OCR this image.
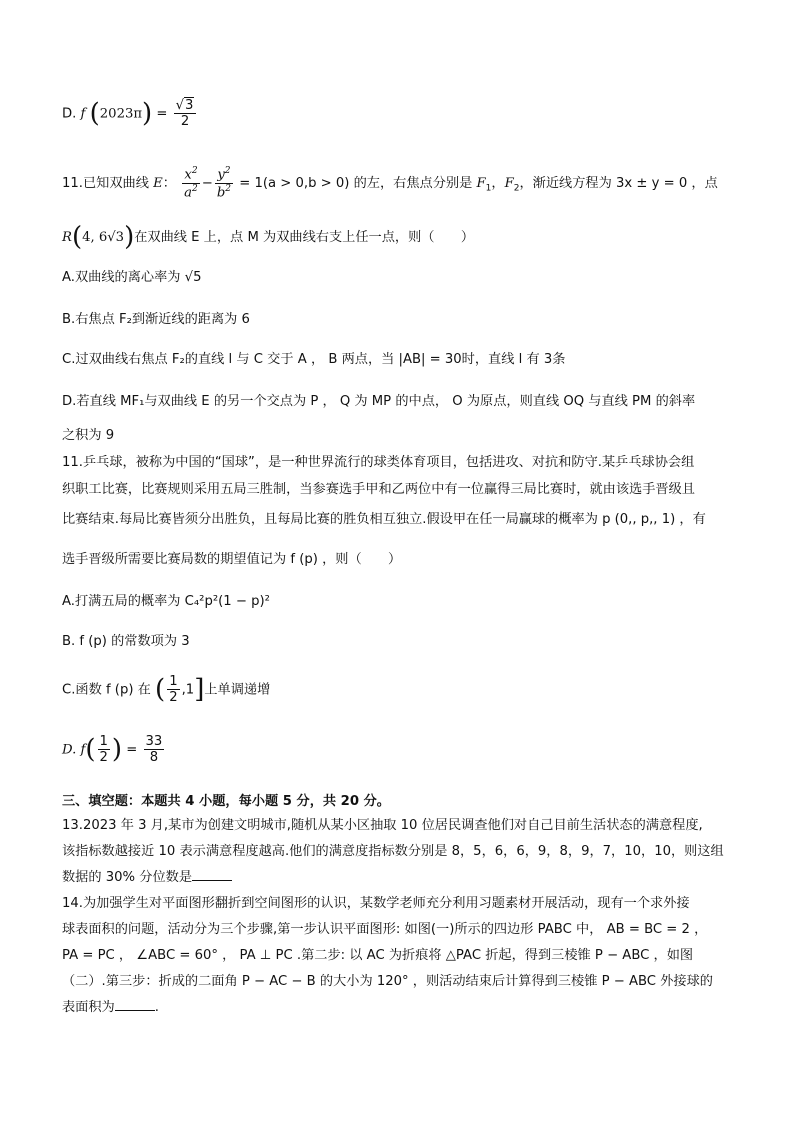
D. f $(2023\pi) = \frac{√3}{2}$
11.已知双曲线 E： $\frac{x^2}{a^2} - \frac{y^2}{b^2} = 1(a > 0,b > 0)$ 的左，右焦点分别是 $F_1$，$F_2$，渐近线方程为 3x ± y = 0 ，点
R(4, 6√3)在双曲线 E 上，点 M 为双曲线右支上任一点，则（　　）
A.双曲线的离心率为 √5
B.右焦点 F₂到渐近线的距离为 6
C.过双曲线右焦点 F₂的直线 l 与 C 交于 A ， B 两点，当 |AB| = 30时，直线 l 有 3条
D.若直线 MF₁与双曲线 E 的另一个交点为 P ， Q 为 MP 的中点， O 为原点，则直线 OQ 与直线 PM 的斜率
之积为 9
11.乒乓球，被称为中国的“国球”，是一种世界流行的球类体育项目，包括进攻、对抗和防守.某乒乓球协会组
织职工比赛，比赛规则采用五局三胜制，当参赛选手甲和乙两位中有一位赢得三局比赛时，就由该选手晋级且
比赛结束.每局比赛皆须分出胜负，且每局比赛的胜负相互独立.假设甲在任一局赢球的概率为 p (0,, p,, 1) ，有
选手晋级所需要比赛局数的期望值记为 f (p) ，则（　　）
A.打满五局的概率为 C₄²p²(1 − p)²
B. f (p) 的常数项为 3
C.函数 f (p) 在 ( $\frac{1}{2} ,1$]上单调递增
D. $f( \frac{1}{2}$ ) = $\frac{33}{8}$
三、填空题：本题共 4 小题，每小题 5 分，共 20 分。
13.2023 年 3 月,某市为创建文明城市,随机从某小区抽取 10 位居民调查他们对自己目前生活状态的满意程度,
该指标数越接近 10 表示满意程度越高.他们的满意度指标数分别是 8，5，6，6，9，8，9，7，10，10，则这组
数据的 30% 分位数是
14.为加强学生对平面图形翻折到空间图形的认识，某数学老师充分利用习题素材开展活动，现有一个求外接
球表面积的问题，活动分为三个步骤,第一步认识平面图形: 如图(一)所示的四边形 PABC 中， AB = BC = 2 ，
PA = PC ， ∠ABC = 60° ， PA ⊥ PC .第二步: 以 AC 为折痕将 △PAC 折起，得到三棱锥 P − ABC ，如图
（二）.第三步：折成的二面角 P − AC − B 的大小为 120° ，则活动结束后计算得到三棱锥 P − ABC 外接球的
表面积为	.
